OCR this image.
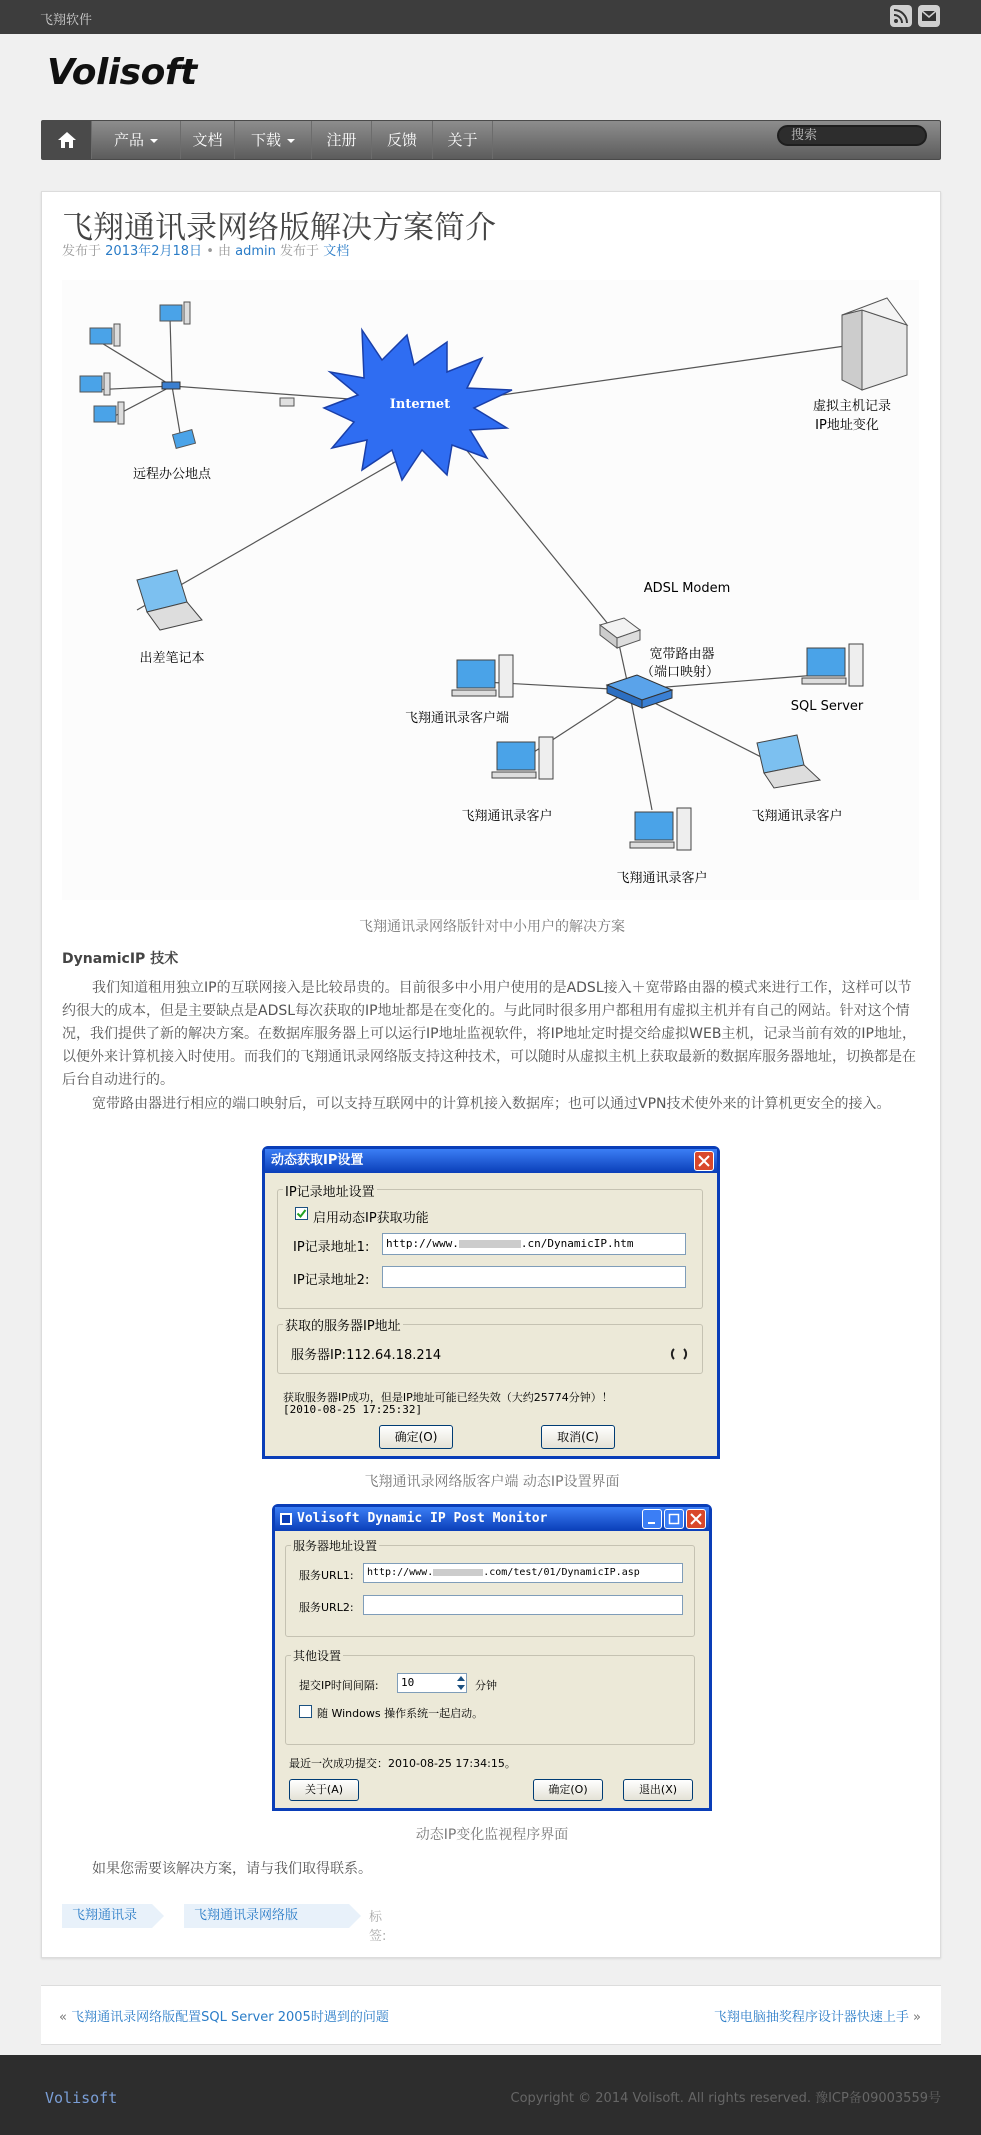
飞翔软件
Volisoft
产品	文档	下载	注册	反馈	关于	搜索
飞翔通讯录网络版解决方案简介
发布于 2013年2月18日 • 由 admin 发布于 文档
Internet
远程办公地点
出差笔记本
虚拟主机记录
IP地址变化
ADSL Modem
宽带路由器
（端口映射）
飞翔通讯录客户端
SQL Server
飞翔通讯录客户
飞翔通讯录客户
飞翔通讯录客户
飞翔通讯录网络版针对中小用户的解决方案
DynamicIP 技术
我们知道租用独立IP的互联网接入是比较昂贵的。目前很多中小用户使用的是ADSL接入＋宽带路由器的模式来进行工作，这样可以节约很大的成本，但是主要缺点是ADSL每次获取的IP地址都是在变化的。与此同时很多用户都租用有虚拟主机并有自己的网站。针对这个情况，我们提供了新的解决方案。在数据库服务器上可以运行IP地址监视软件，将IP地址定时提交给虚拟WEB主机，记录当前有效的IP地址，以便外来计算机接入时使用。而我们的飞翔通讯录网络版支持这种技术，可以随时从虚拟主机上获取最新的数据库服务器地址，切换都是在后台自动进行的。
宽带路由器进行相应的端口映射后，可以支持互联网中的计算机接入数据库；也可以通过VPN技术使外来的计算机更安全的接入。
动态获取IP设置
IP记录地址设置
启用动态IP获取功能
IP记录地址1:	http://www.	.cn/DynamicIP.htm
IP记录地址2:
获取的服务器IP地址
服务器IP:112.64.18.214
获取服务器IP成功，但是IP地址可能已经失效（大约25774分钟）！
[2010-08-25 17:25:32]
确定(O)	取消(C)
飞翔通讯录网络版客户端 动态IP设置界面
Volisoft Dynamic IP Post Monitor
服务器地址设置
服务URL1:	http://www.	.com/test/01/DynamicIP.asp
服务URL2:
其他设置
提交IP时间间隔:	10	分钟
随 Windows 操作系统一起启动。
最近一次成功提交：2010-08-25 17:34:15。
关于(A)	确定(O)	退出(X)
动态IP变化监视程序界面
如果您需要该解决方案，请与我们取得联系。
飞翔通讯录	飞翔通讯录网络版	标签:
« 飞翔通讯录网络版配置SQL Server 2005时遇到的问题	飞翔电脑抽奖程序设计器快速上手 »
Volisoft	Copyright © 2014 Volisoft. All rights reserved. 豫ICP备09003559号
